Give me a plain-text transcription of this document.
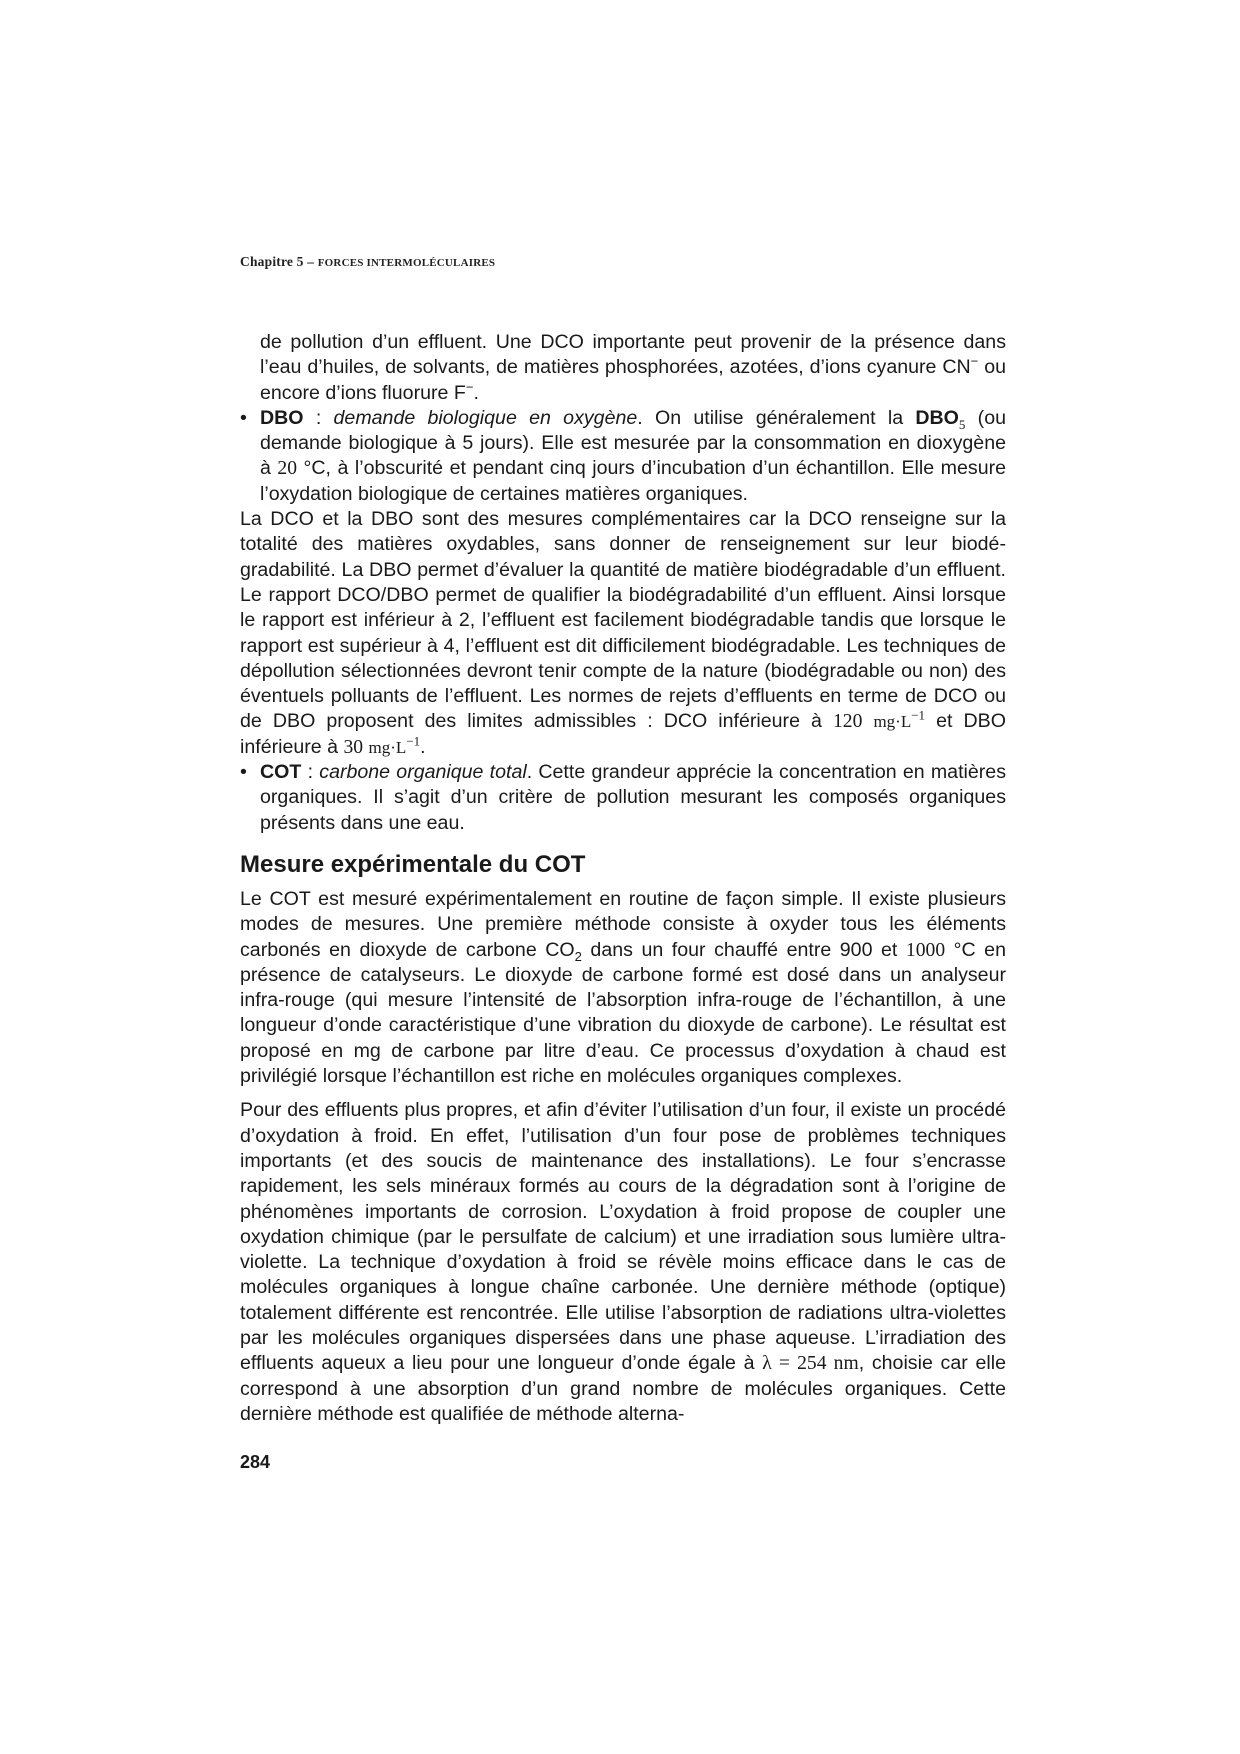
Chapitre 5 – FORCES INTERMOLÉCULAIRES

de pollution d’un effluent. Une DCO importante peut provenir de la présence dans l’eau d’huiles, de solvants, de matières phosphorées, azotées, d’ions cyanure CN− ou encore d’ions fluorure F−.

• DBO : demande biologique en oxygène. On utilise généralement la $DBO_5$ (ou demande biologique à 5 jours). Elle est mesurée par la consommation en dioxygène à 20 °C, à l’obscurité et pendant cinq jours d’incubation d’un échantillon. Elle mesure l’oxydation biologique de certaines matières organiques.

La DCO et la DBO sont des mesures complémentaires car la DCO renseigne sur la totalité des matières oxydables, sans donner de renseignement sur leur biodégradabilité. La DBO permet d’évaluer la quantité de matière biodégradable d’un effluent. Le rapport DCO/DBO permet de qualifier la biodégradabilité d’un effluent. Ainsi lorsque le rapport est inférieur à 2, l’effluent est facilement biodégradable tandis que lorsque le rapport est supérieur à 4, l’effluent est dit difficilement biodégradable. Les techniques de dépollution sélectionnées devront tenir compte de la nature (biodégradable ou non) des éventuels polluants de l’effluent. Les normes de rejets d’effluents en terme de DCO ou de DBO proposent des limites admissibles : DCO inférieure à 120 $mg\cdot L^{-1}$ et DBO inférieure à 30 $mg\cdot L^{-1}$.

• COT : carbone organique total. Cette grandeur apprécie la concentration en matières organiques. Il s’agit d’un critère de pollution mesurant les composés organiques présents dans une eau.

Mesure expérimentale du COT

Le COT est mesuré expérimentalement en routine de façon simple. Il existe plusieurs modes de mesures. Une première méthode consiste à oxyder tous les éléments carbonés en dioxyde de carbone $CO_2$ dans un four chauffé entre 900 et 1000 °C en présence de catalyseurs. Le dioxyde de carbone formé est dosé dans un analyseur infra-rouge (qui mesure l’intensité de l’absorption infra-rouge de l’échantillon, à une longueur d’onde caractéristique d’une vibration du dioxyde de carbone). Le résultat est proposé en mg de carbone par litre d’eau. Ce processus d’oxydation à chaud est privilégié lorsque l’échantillon est riche en molécules organiques complexes.

Pour des effluents plus propres, et afin d’éviter l’utilisation d’un four, il existe un procédé d’oxydation à froid. En effet, l’utilisation d’un four pose de problèmes techniques importants (et des soucis de maintenance des installations). Le four s’encrasse rapidement, les sels minéraux formés au cours de la dégradation sont à l’origine de phénomènes importants de corrosion. L’oxydation à froid propose de coupler une oxydation chimique (par le persulfate de calcium) et une irradiation sous lumière ultra-violette. La technique d’oxydation à froid se révèle moins efficace dans le cas de molécules organiques à longue chaîne carbonée. Une dernière méthode (optique) totalement différente est rencontrée. Elle utilise l’absorption de radiations ultra-violettes par les molécules organiques dispersées dans une phase aqueuse. L’irradiation des effluents aqueux a lieu pour une longueur d’onde égale à λ = 254 nm, choisie car elle correspond à une absorption d’un grand nombre de molécules organiques. Cette dernière méthode est qualifiée de méthode alterna-

284
